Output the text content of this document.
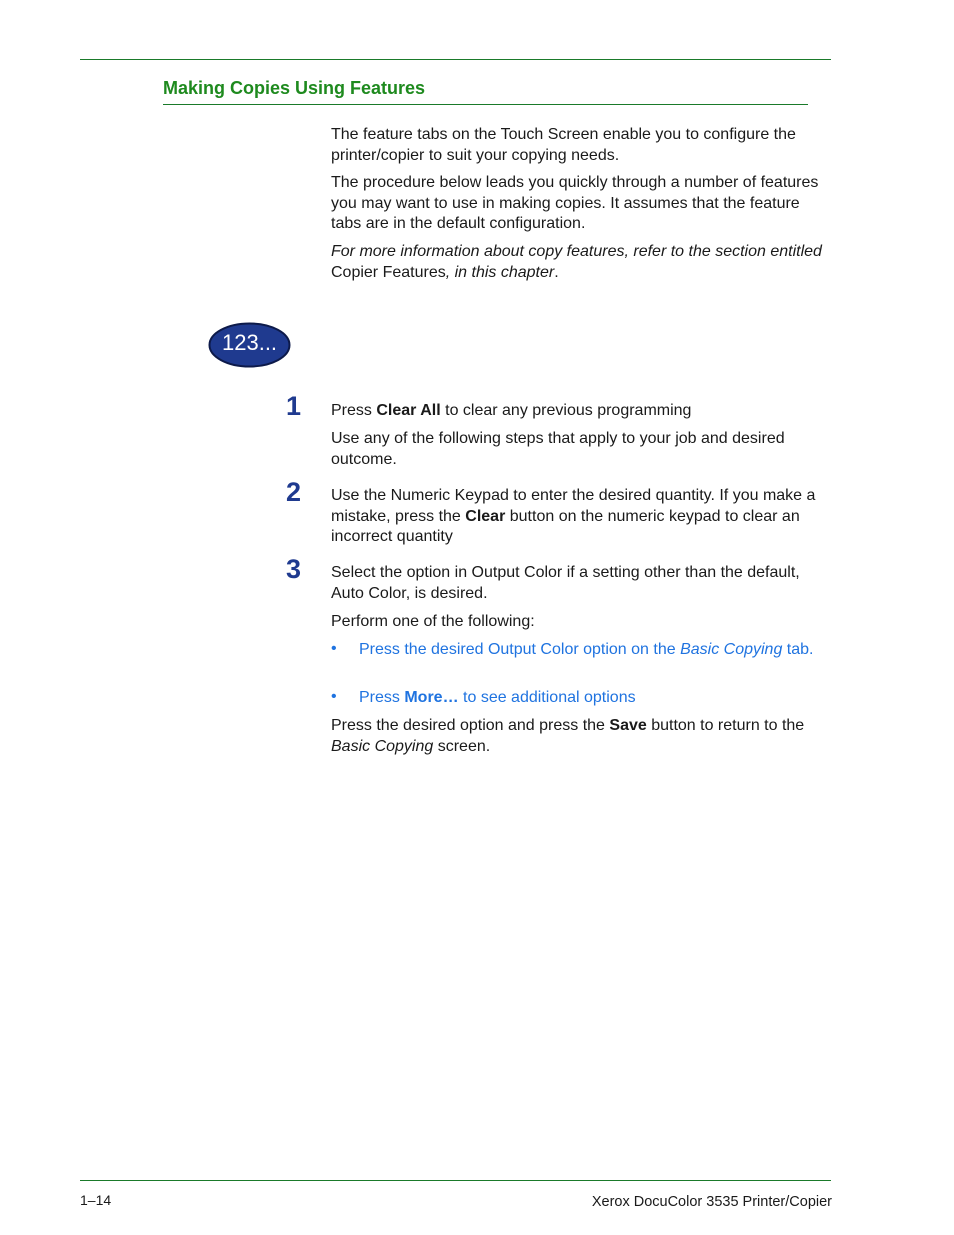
Making Copies Using Features
The feature tabs on the Touch Screen enable you to configure the printer/copier to suit your copying needs.
The procedure below leads you quickly through a number of features you may want to use in making copies. It assumes that the feature tabs are in the default configuration.
For more information about copy features, refer to the section entitled Copier Features, in this chapter.
123...
1 Press Clear All to clear any previous programming
Use any of the following steps that apply to your job and desired outcome.
2 Use the Numeric Keypad to enter the desired quantity. If you make a mistake, press the Clear button on the numeric keypad to clear an incorrect quantity
3 Select the option in Output Color if a setting other than the default, Auto Color, is desired.
Perform one of the following:
• Press the desired Output Color option on the Basic Copying tab.
• Press More… to see additional options
Press the desired option and press the Save button to return to the Basic Copying screen.
1–14	Xerox DocuColor 3535 Printer/Copier
